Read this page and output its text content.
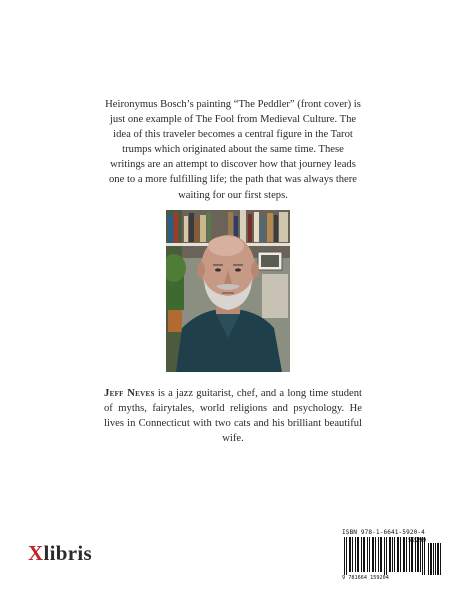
Heironymus Bosch’s painting “The Peddler” (front cover) is just one example of The Fool from Medieval Culture. The idea of this traveler becomes a central figure in the Tarot trumps which originated about the same time. These writings are an attempt to discover how that journey leads one to a more fulfilling life; the path that was always there waiting for our first steps.
Jeff Neves is a jazz guitarist, chef, and a long time student of myths, fairytales, world religions and psychology. He lives in Connecticut with two cats and his brilliant beautiful wife.
Xlibris
ISBN 978-1-6641-5920-4
9 781664 159204
52299
